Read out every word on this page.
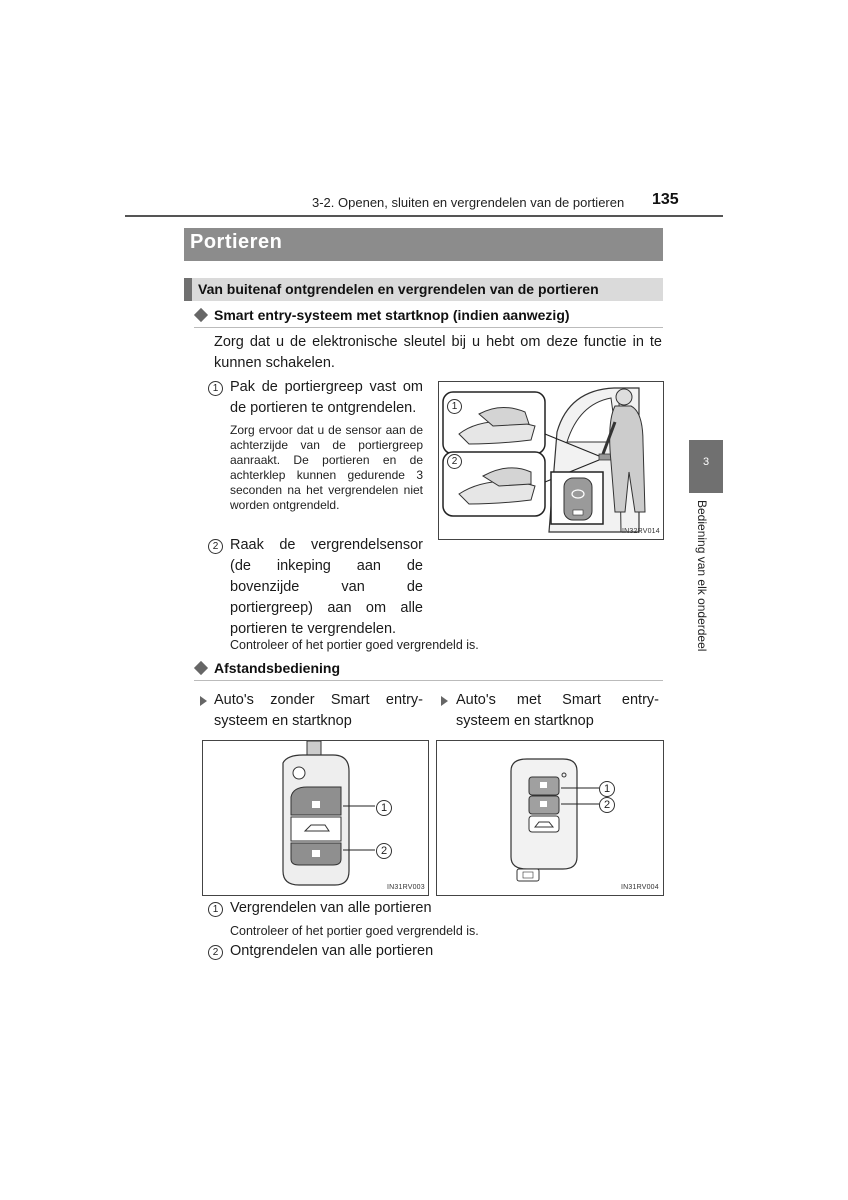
3-2. Openen, sluiten en vergrendelen van de portieren 135
Portieren
Van buitenaf ontgrendelen en vergrendelen van de portieren
Smart entry-systeem met startknop (indien aanwezig)
Zorg dat u de elektronische sleutel bij u hebt om deze functie in te kunnen schakelen.
1 Pak de portiergreep vast om de portieren te ontgrendelen.
Zorg ervoor dat u de sensor aan de achterzijde van de portiergreep aanraakt. De portieren en de achterklep kunnen gedurende 3 seconden na het vergrendelen niet worden ontgrendeld.
2 Raak de vergrendelsensor (de inkeping aan de bovenzijde van de portiergreep) aan om alle portieren te vergrendelen.
Controleer of het portier goed vergrendeld is.
1
2
IN32RV014
Afstandsbediening
Auto's zonder Smart entry-systeem en startknop
Auto's met Smart entry-systeem en startknop
1
2
IN31RV003
1
2
IN31RV004
1 Vergrendelen van alle portieren
Controleer of het portier goed vergrendeld is.
2 Ontgrendelen van alle portieren
3
Bediening van elk onderdeel
